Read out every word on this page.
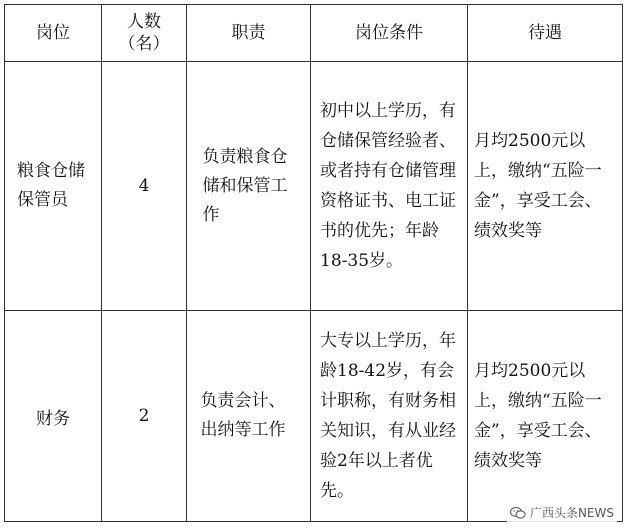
岗位	人数（名）	职责	岗位条件	待遇
粮食仓储保管员	4	负责粮食仓储和保管工作	初中以上学历，有仓储保管经验者、或者持有仓储管理资格证书、电工证书的优先；年龄18-35岁。	月均2500元以上，缴纳“五险一金”，享受工会、绩效奖等
财务	2	负责会计、出纳等工作	大专以上学历，年龄18-42岁，有会计职称，有财务相关知识，有从业经验2年以上者优先。	月均2500元以上，缴纳“五险一金”，享受工会、绩效奖等
广西头条NEWS
